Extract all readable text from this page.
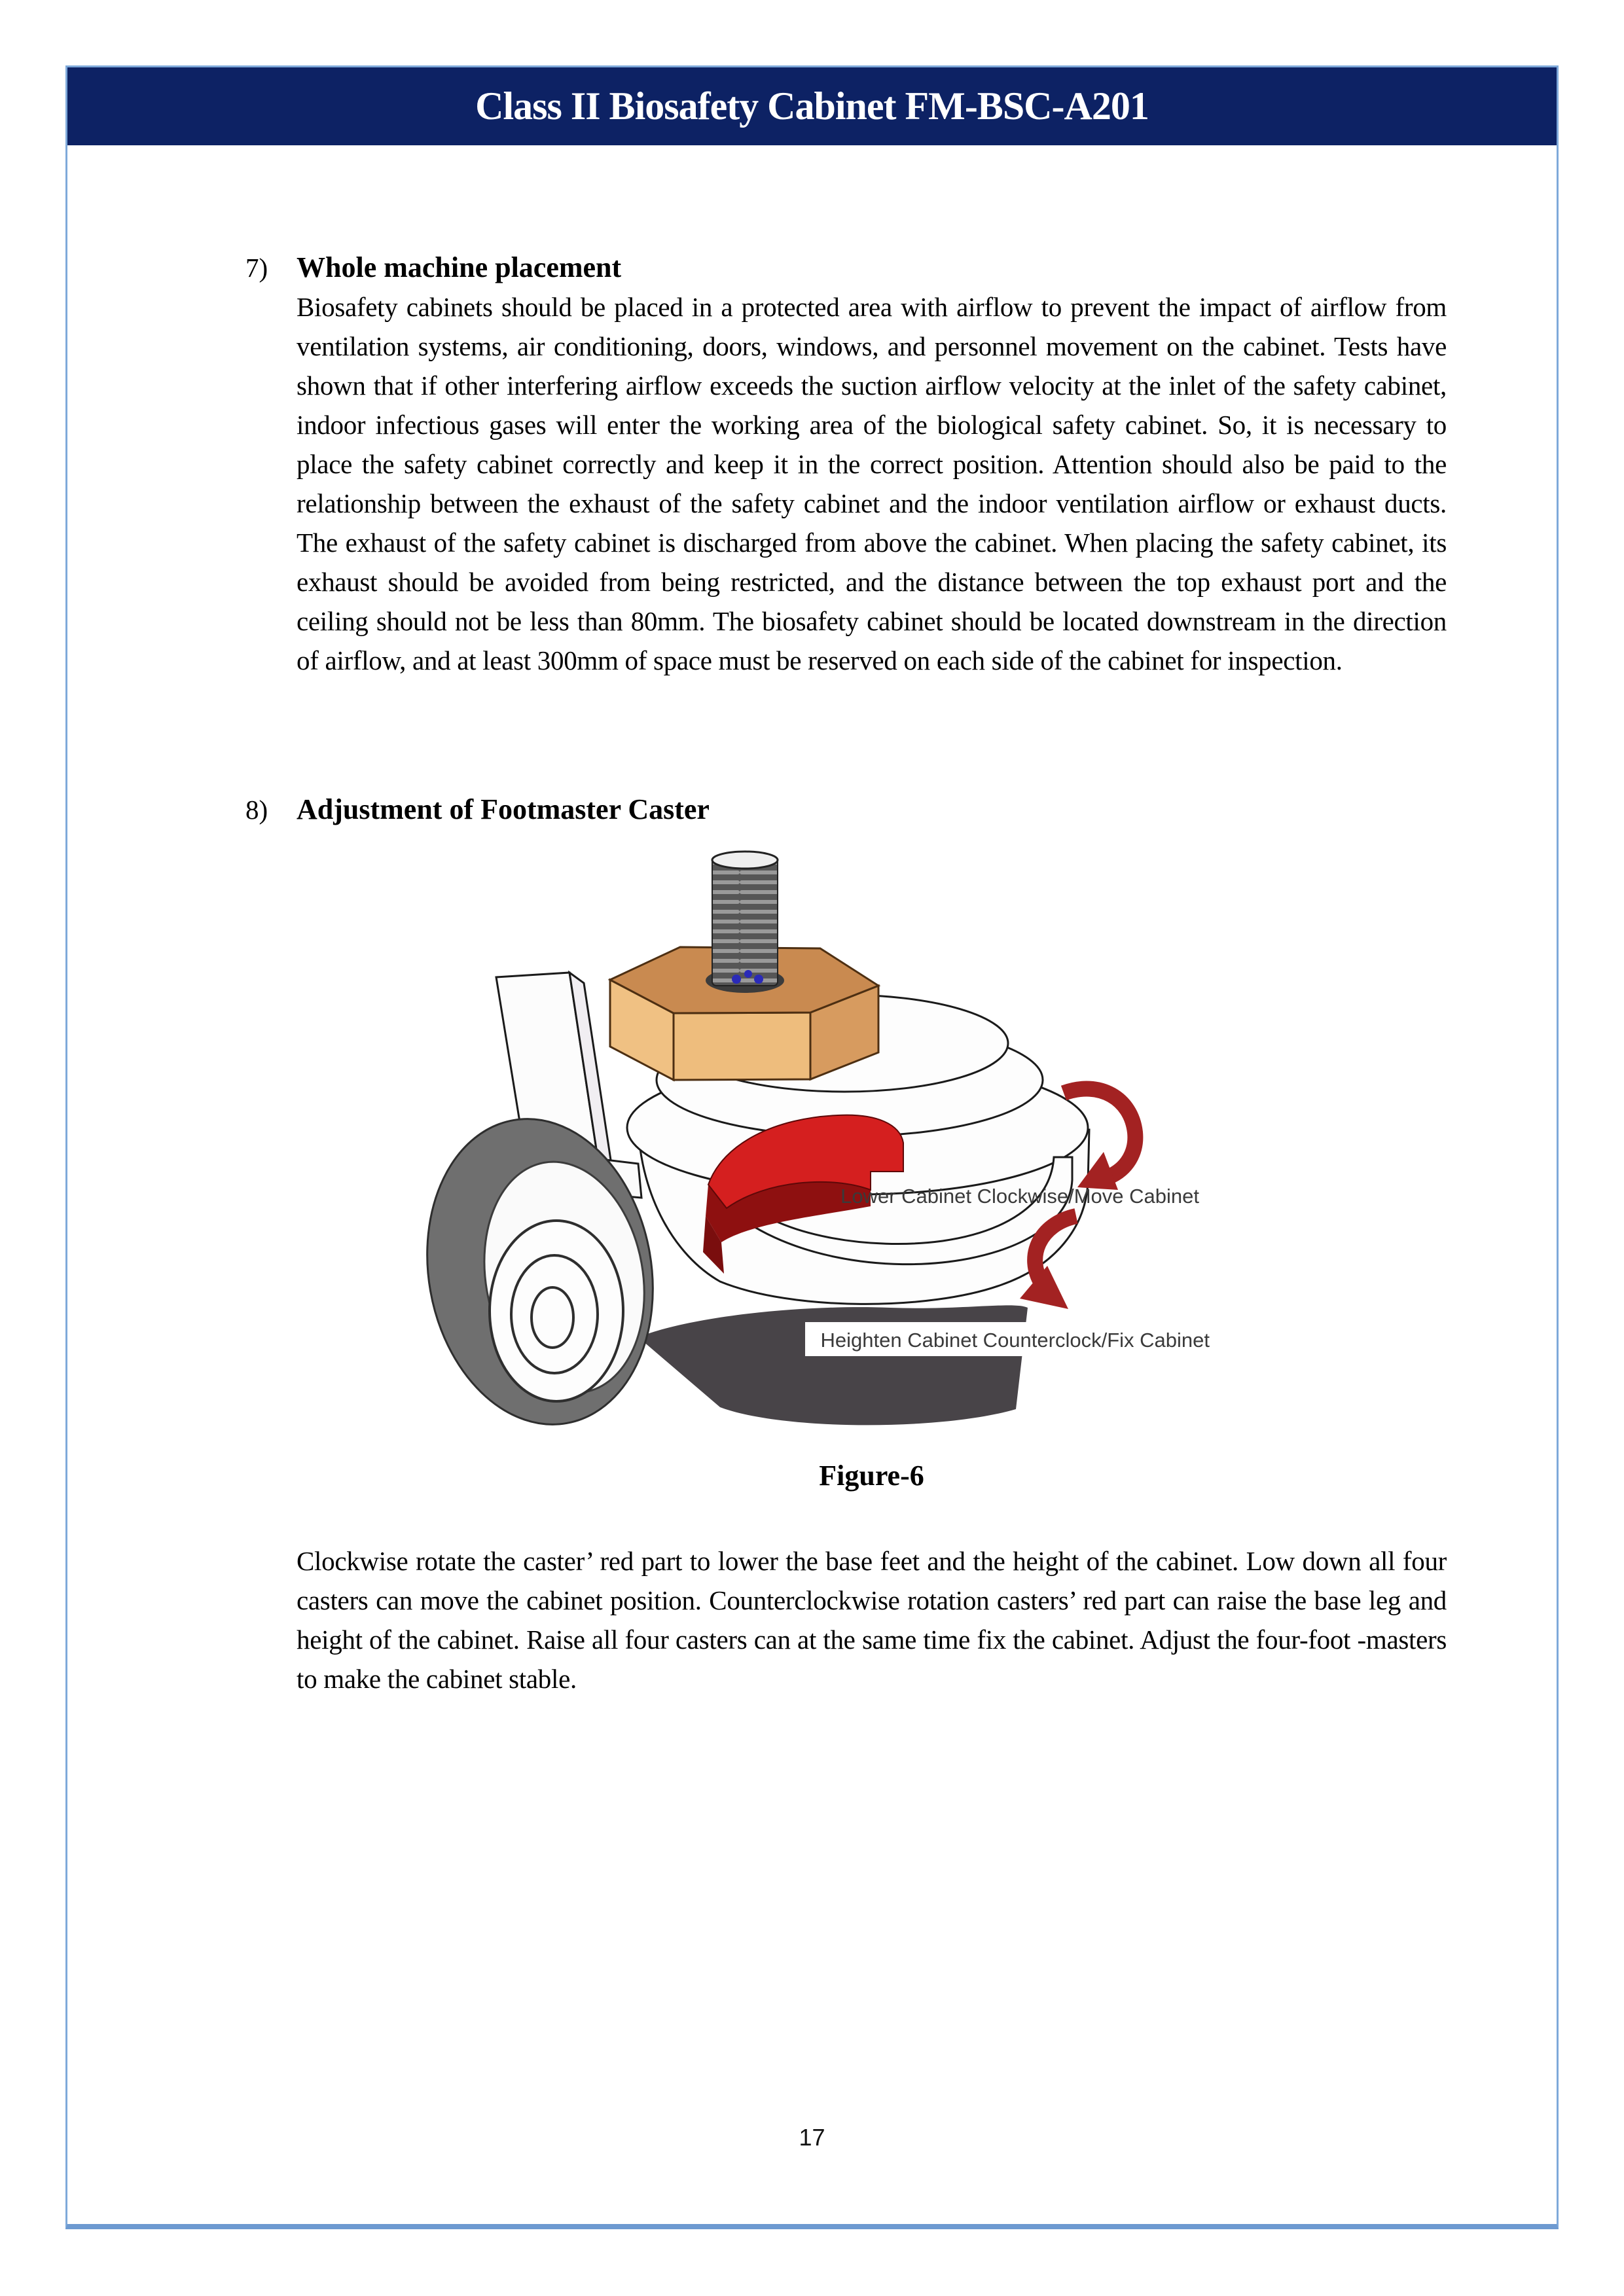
Class II Biosafety Cabinet FM-BSC-A201
7) Whole machine placement
Biosafety cabinets should be placed in a protected area with airflow to prevent the impact of airflow from ventilation systems, air conditioning, doors, windows, and personnel movement on the cabinet. Tests have shown that if other interfering airflow exceeds the suction airflow velocity at the inlet of the safety cabinet, indoor infectious gases will enter the working area of the biological safety cabinet. So, it is necessary to place the safety cabinet correctly and keep it in the correct position. Attention should also be paid to the relationship between the exhaust of the safety cabinet and the indoor ventilation airflow or exhaust ducts. The exhaust of the safety cabinet is discharged from above the cabinet. When placing the safety cabinet, its exhaust should be avoided from being restricted, and the distance between the top exhaust port and the ceiling should not be less than 80mm. The biosafety cabinet should be located downstream in the direction of airflow, and at least 300mm of space must be reserved on each side of the cabinet for inspection.
8) Adjustment of Footmaster Caster
Lower Cabinet Clockwise/Move Cabinet
Heighten Cabinet Counterclock/Fix Cabinet
Figure-6
Clockwise rotate the caster’ red part to lower the base feet and the height of the cabinet. Low down all four casters can move the cabinet position. Counterclockwise rotation casters’ red part can raise the base leg and height of the cabinet. Raise all four casters can at the same time fix the cabinet. Adjust the four-foot -masters to make the cabinet stable.
17
